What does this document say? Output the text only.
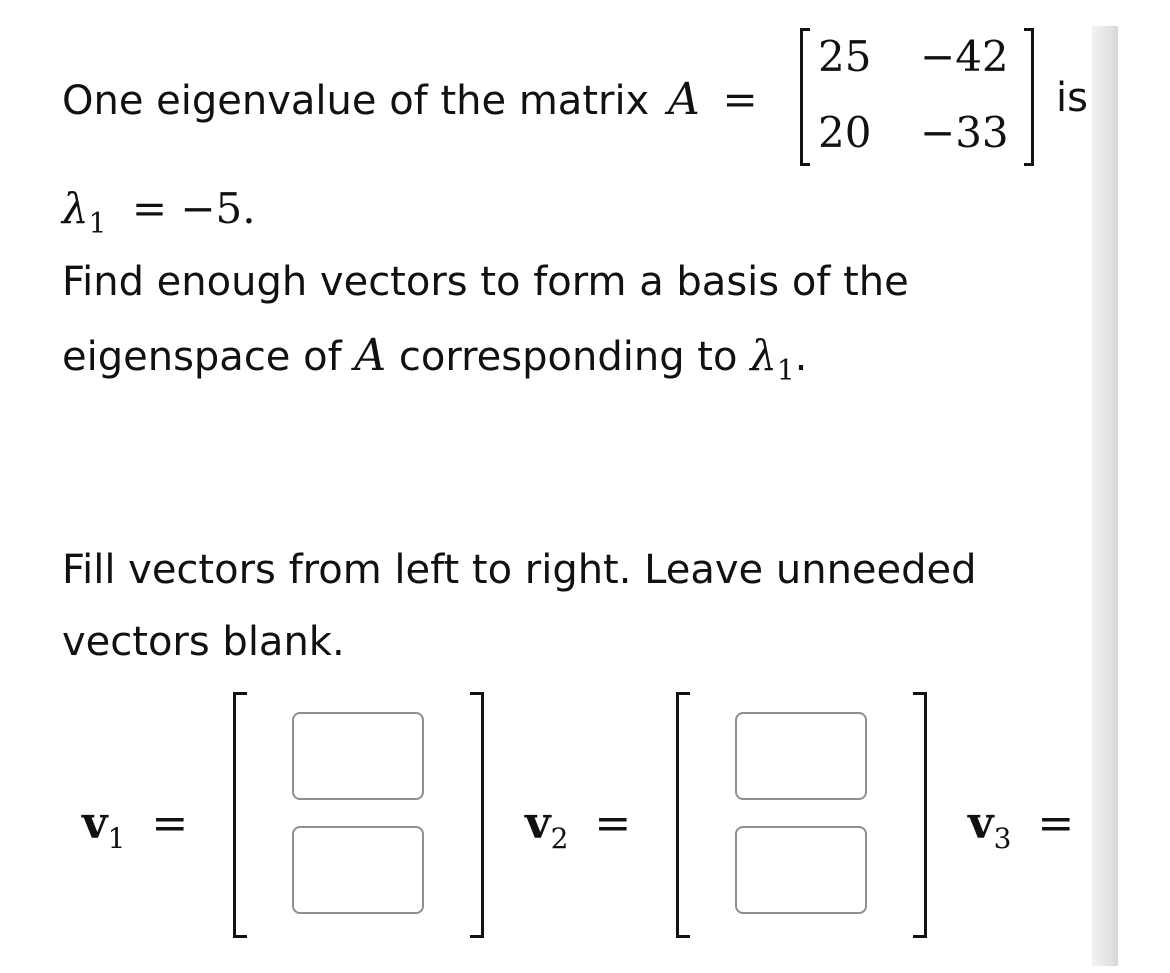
One eigenvalue of the matrix A =
25 −42
20 −33
is
$\lambda_1 = -5$.
Find enough vectors to form a basis of the
eigenspace of A corresponding to $\lambda_1$.
Fill vectors from left to right. Leave unneeded
vectors blank.
$v_1$ =	$v_2$ =	$v_3$ =
